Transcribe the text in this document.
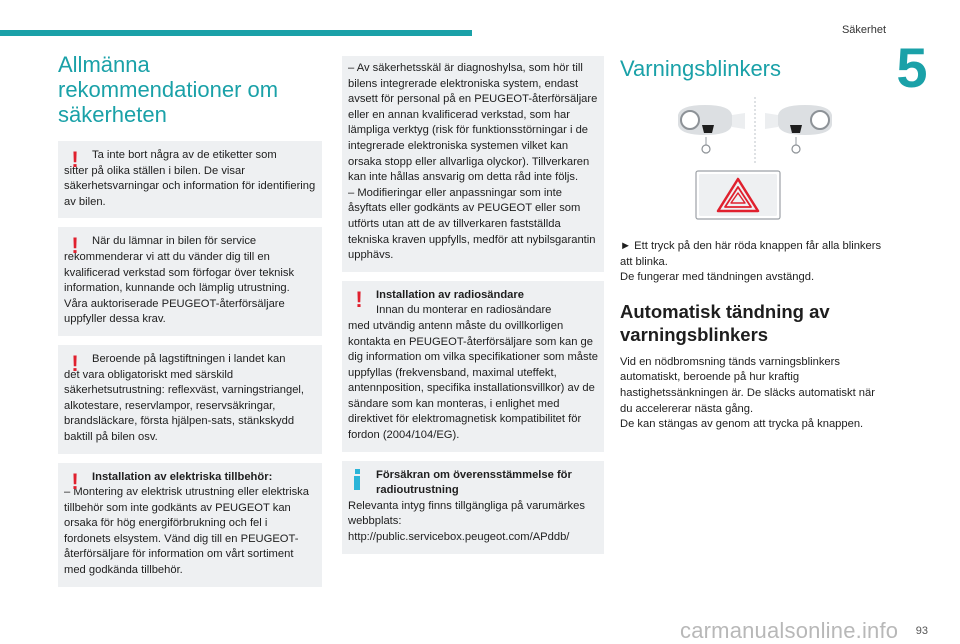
Säkerhet
5
Allmänna
rekommendationer om
säkerheten
!	Ta inte bort några av de etiketter som
sitter på olika ställen i bilen. De visar säkerhetsvarningar och information för identifiering av bilen.

!	När du lämnar in bilen för service
rekommenderar vi att du vänder dig till en kvalificerad verkstad som förfogar över teknisk information, kunnande och lämplig utrustning. Våra auktoriserade PEUGEOT-återförsäljare uppfyller dessa krav.

!	Beroende på lagstiftningen i landet kan
det vara obligatoriskt med särskild säkerhetsutrustning: reflexväst, varningstriangel, alkotestare, reservlampor, reservsäkringar, brandsläckare, första hjälpen-sats, stänkskydd baktill på bilen osv.

!	Installation av elektriska tillbehör:
– Montering av elektrisk utrustning eller elektriska tillbehör som inte godkänts av PEUGEOT kan orsaka för hög energiförbrukning och fel i fordonets elsystem. Vänd dig till en PEUGEOT-återförsäljare för information om vårt sortiment med godkända tillbehör.

– Av säkerhetsskäl är diagnoshylsa, som hör till bilens integrerade elektroniska system, endast avsett för personal på en PEUGEOT-återförsäljare eller en annan kvalificerad verkstad, som har lämpliga verktyg (risk för funktionsstörningar i de integrerade elektroniska systemen vilket kan orsaka stopp eller allvarliga olyckor). Tillverkaren kan inte hållas ansvarig om detta råd inte följs.

– Modifieringar eller anpassningar som inte åsyftats eller godkänts av PEUGEOT eller som utförts utan att de av tillverkaren fastställda tekniska kraven uppfylls, medför att nybilsgarantin upphävs.

!	Installation av radiosändare
Innan du monterar en radiosändare
med utvändig antenn måste du ovillkorligen kontakta en PEUGEOT-återförsäljare som kan ge dig information om vilka specifikationer som måste uppfyllas (frekvensband, maximal uteffekt, antennposition, specifika installationsvillkor) av de sändare som kan monteras, i enlighet med direktivet för elektromagnetisk kompatibilitet för fordon (2004/104/EG).

Försäkran om överensstämmelse för
radioutrustning
Relevanta intyg finns tillgängliga på varumärkes webbplats: http://public.servicebox.peugeot.com/APddb/

Varningsblinkers

► Ett tryck på den här röda knappen får alla blinkers att blinka.

De fungerar med tändningen avstängd.

Automatisk tändning av
varningsblinkers

Vid en nödbromsning tänds varningsblinkers automatiskt, beroende på hur kraftig hastighetssänkningen är. De släcks automatiskt när du accelererar nästa gång.

De kan stängas av genom att trycka på knappen.

carmanualsonline.info 93
